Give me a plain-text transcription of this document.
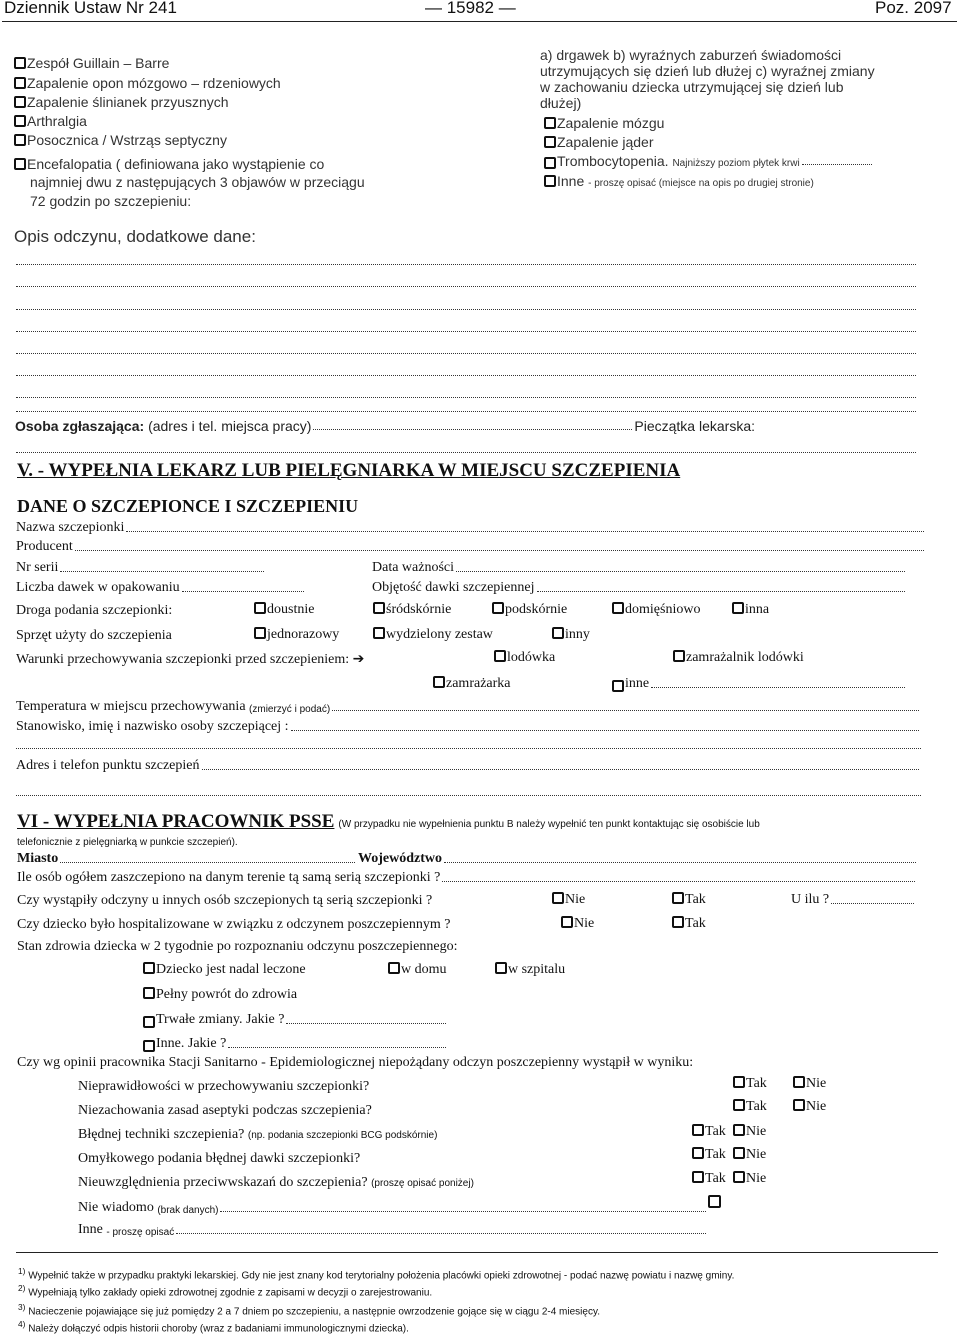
Dziennik Ustaw Nr 241	— 15982 —	Poz. 2097
Zespół Guillain – Barre
Zapalenie opon mózgowo – rdzeniowych
Zapalenie ślinianek przyusznych
Arthralgia
Posocznica / Wstrząs septyczny
Encefalopatia ( definiowana jako wystąpienie co
najmniej dwu z następujących 3 objawów w przeciągu
72 godzin po szczepieniu:
a) drgawek b) wyraźnych zaburzeń świadomości
utrzymujących się dzień lub dłużej c) wyraźnej zmiany
w zachowaniu dziecka utrzymującej się dzień lub
dłużej)
Zapalenie mózgu
Zapalenie jąder
Trombocytopenia.
Najniższy poziom płytek krwi
Inne - proszę opisać (miejsce na opis po drugiej stronie)
Opis odczynu, dodatkowe dane:
Osoba zgłaszająca:
(adres i tel. miejsca pracy)	Pieczątka lekarska:
V. - WYPEŁNIA LEKARZ LUB PIELĘGNIARKA W MIEJSCU SZCZEPIENIA
DANE O SZCZEPIONCE I SZCZEPIENIU
Nazwa szczepionki
Producent
Nr serii	Data ważności
Liczba dawek w opakowaniu	Objętość dawki szczepiennej
Droga podania szczepionki:	doustnie	śródskórnie	podskórnie	domięśniowo	inna
Sprzęt użyty do szczepienia	jednorazowy	wydzielony zestaw	inny
Warunki przechowywania szczepionki przed szczepieniem: ➔	lodówka	zamrażalnik lodówki
zamrażarka	inne
Temperatura w miejscu przechowywania
(zmierzyć i podać)
Stanowisko, imię i nazwisko osoby szczepiącej :
Adres i telefon punktu szczepień
VI - WYPEŁNIA PRACOWNIK PSSE (W przypadku nie wypełnienia punktu B należy wypełnić ten punkt kontaktując się osobiście lub
telefonicznie z pielęgniarką w punkcie szczepień).
Miasto	Województwo
Ile osób ogółem zaszczepiono na danym terenie tą samą serią szczepionki ?
Czy wystąpiły odczyny u innych osób szczepionych tą serią szczepionki ?	Nie	Tak	U ilu ?
Czy dziecko było hospitalizowane w związku z odczynem poszczepiennym ?	Nie	Tak
Stan zdrowia dziecka w 2 tygodnie po rozpoznaniu odczynu poszczepiennego:
Dziecko jest nadal leczone	w domu	w szpitalu
Pełny powrót do zdrowia
Trwałe zmiany. Jakie ?
Inne. Jakie ?
Czy wg opinii pracownika Stacji Sanitarno - Epidemiologicznej niepożądany odczyn poszczepienny wystąpił w wyniku:
Nieprawidłowości w przechowywaniu szczepionki?	Tak	Nie
Niezachowania zasad aseptyki podczas szczepienia?	Tak	Nie
Błędnej techniki szczepienia? (np. podania szczepionki BCG podskórnie)	Tak	Nie
Omyłkowego podania błędnej dawki szczepionki?	Tak	Nie
Nieuwzględnienia przeciwwskazań do szczepienia? (proszę opisać poniżej)	Tak	Nie
Nie wiadomo
(brak danych)
Inne
- proszę opisać
$^{1)}$ Wypełnić także w przypadku praktyki lekarskiej. Gdy nie jest znany kod terytorialny położenia placówki opieki zdrowotnej - podać nazwę powiatu i nazwę gminy.
$^{2)}$ Wypełniają tylko zakłady opieki zdrowotnej zgodnie z zapisami w decyzji o zarejestrowaniu.
$^{3)}$ Nacieczenie pojawiające się już pomiędzy 2 a 7 dniem po szczepieniu, a następnie owrzodzenie gojące się w ciągu 2-4 miesięcy.
$^{4)}$ Należy dołączyć odpis historii choroby (wraz z badaniami immunologicznymi dziecka).
